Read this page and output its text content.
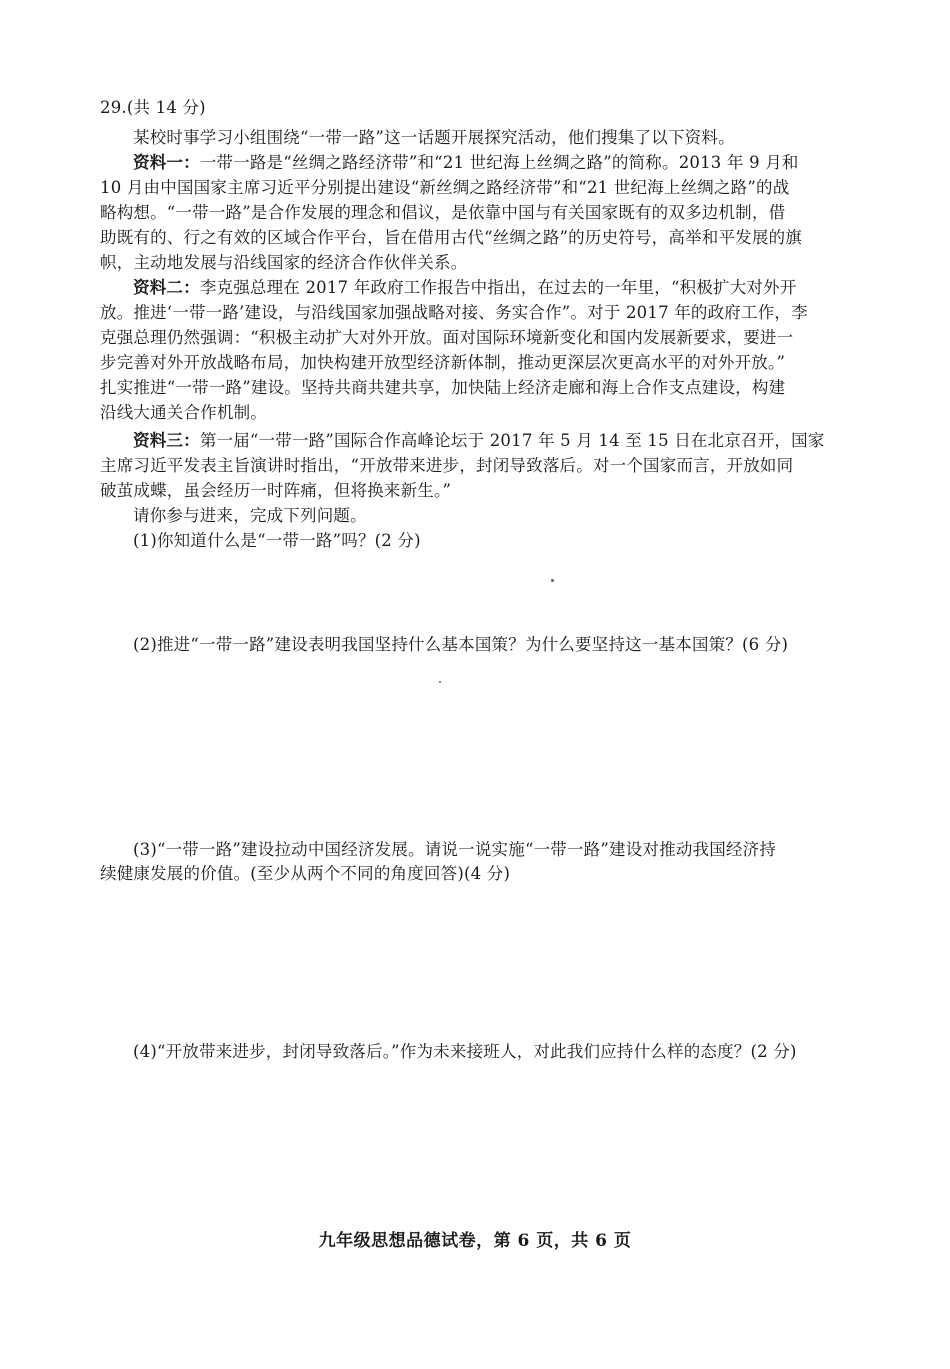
29.(共 14 分)
某校时事学习小组围绕“一带一路”这一话题开展探究活动，他们搜集了以下资料。
资料一：一带一路是“丝绸之路经济带”和“21 世纪海上丝绸之路”的简称。2013 年 9 月和
10 月由中国国家主席习近平分别提出建设“新丝绸之路经济带”和“21 世纪海上丝绸之路”的战
略构想。“一带一路”是合作发展的理念和倡议，是依靠中国与有关国家既有的双多边机制，借
助既有的、行之有效的区域合作平台，旨在借用古代“丝绸之路”的历史符号，高举和平发展的旗
帜，主动地发展与沿线国家的经济合作伙伴关系。
资料二：李克强总理在 2017 年政府工作报告中指出，在过去的一年里，“积极扩大对外开
放。推进‘一带一路’建设，与沿线国家加强战略对接、务实合作”。对于 2017 年的政府工作，李
克强总理仍然强调：“积极主动扩大对外开放。面对国际环境新变化和国内发展新要求，要进一
步完善对外开放战略布局，加快构建开放型经济新体制，推动更深层次更高水平的对外开放。”
扎实推进“一带一路”建设。坚持共商共建共享，加快陆上经济走廊和海上合作支点建设，构建
沿线大通关合作机制。
资料三：第一届“一带一路”国际合作高峰论坛于 2017 年 5 月 14 至 15 日在北京召开，国家
主席习近平发表主旨演讲时指出，“开放带来进步，封闭导致落后。对一个国家而言，开放如同
破茧成蝶，虽会经历一时阵痛，但将换来新生。”
请你参与进来，完成下列问题。
(1)你知道什么是“一带一路”吗？(2 分)
(2)推进“一带一路”建设表明我国坚持什么基本国策？为什么要坚持这一基本国策？(6 分)
(3)“一带一路”建设拉动中国经济发展。请说一说实施“一带一路”建设对推动我国经济持
续健康发展的价值。(至少从两个不同的角度回答)(4 分)
(4)“开放带来进步，封闭导致落后。”作为未来接班人，对此我们应持什么样的态度？(2 分)
九年级思想品德试卷，第 6 页，共 6 页
